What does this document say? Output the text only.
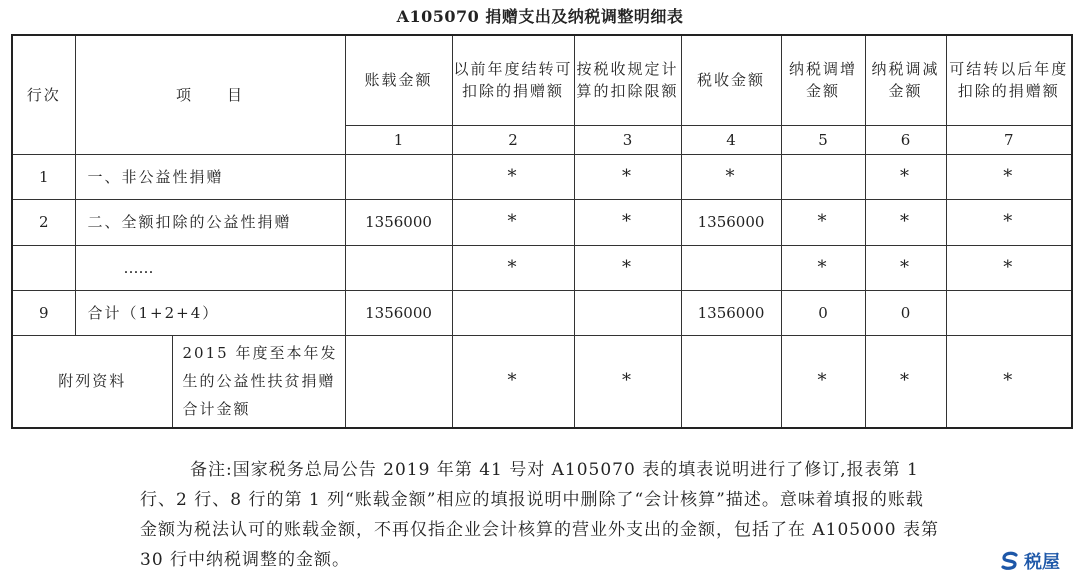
A105070 捐赠支出及纳税调整明细表
行次	项　　目		账载金额	以前年度结转可扣除的捐赠额	按税收规定计算的扣除限额	税收金额	纳税调增金额	纳税调减金额	可结转以后年度扣除的捐赠额
			1	2	3	4	5	6	7
1	一、非公益性捐赠			*	*	*		*	*
2	二、全额扣除的公益性捐赠		1356000	*	*	1356000	*	*	*
	……			*	*		*	*	*
9	合计（1+2+4）		1356000			1356000	0	0	
附列资料		2015 年度至本年发生的公益性扶贫捐赠合计金额		*	*		*	*	*
备注:国家税务总局公告 2019 年第 41 号对 A105070 表的填表说明进行了修订,报表第 1 行、2 行、8 行的第 1 列“账载金额”相应的填报说明中删除了“会计核算”描述。意味着填报的账载金额为税法认可的账载金额，不再仅指企业会计核算的营业外支出的金额，包括了在 A105000 表第 30 行中纳税调整的金额。	税屋
